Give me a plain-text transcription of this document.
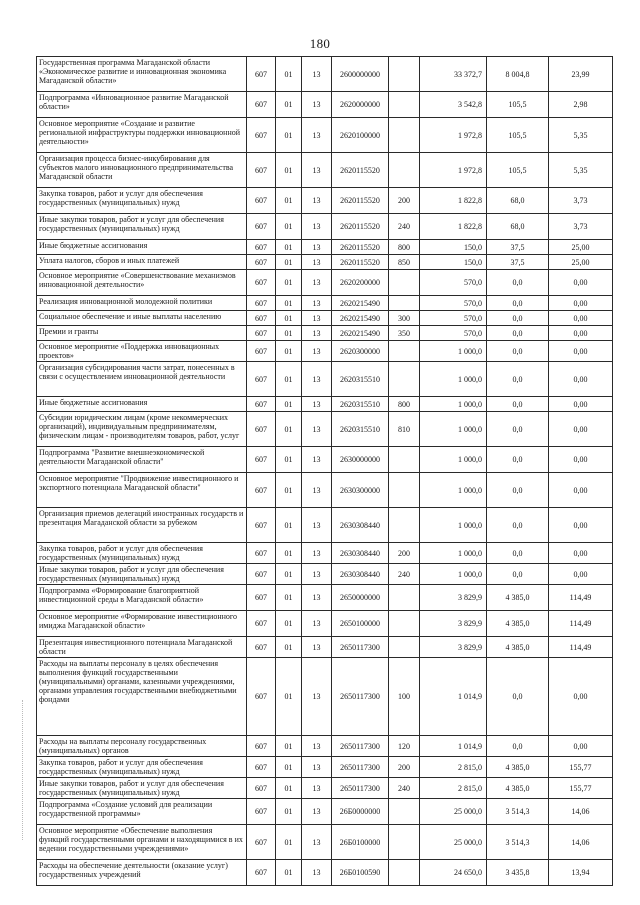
180
Государственная программа Магаданской области «Экономическое развитие и инновационная экономика Магаданской области»	607	01	13	2600000000		33 372,7	8 004,8	23,99
Подпрограмма «Инновационное развитие Магаданской области»	607	01	13	2620000000		3 542,8	105,5	2,98
Основное мероприятие «Создание и развитие региональной инфраструктуры поддержки инновационной деятельности»	607	01	13	2620100000		1 972,8	105,5	5,35
Организация процесса бизнес-инкубирования для субъектов малого инновационного предпринимательства Магаданской области	607	01	13	2620115520		1 972,8	105,5	5,35
Закупка товаров, работ и услуг для обеспечения государственных (муниципальных) нужд	607	01	13	2620115520	200	1 822,8	68,0	3,73
Иные закупки товаров, работ и услуг для обеспечения государственных (муниципальных) нужд	607	01	13	2620115520	240	1 822,8	68,0	3,73
Иные бюджетные ассигнования	607	01	13	2620115520	800	150,0	37,5	25,00
Уплата налогов, сборов и иных платежей	607	01	13	2620115520	850	150,0	37,5	25,00
Основное мероприятие «Совершенствование механизмов инновационной деятельности»	607	01	13	2620200000		570,0	0,0	0,00
Реализация инновационной молодежной политики	607	01	13	2620215490		570,0	0,0	0,00
Социальное обеспечение и иные выплаты населению	607	01	13	2620215490	300	570,0	0,0	0,00
Премии и гранты	607	01	13	2620215490	350	570,0	0,0	0,00
Основное мероприятие «Поддержка инновационных проектов»	607	01	13	2620300000		1 000,0	0,0	0,00
Организация субсидирования части затрат, понесенных в связи с осуществлением инновационной деятельности	607	01	13	2620315510		1 000,0	0,0	0,00
Иные бюджетные ассигнования	607	01	13	2620315510	800	1 000,0	0,0	0,00
Субсидии юридическим лицам (кроме некоммерческих организаций), индивидуальным предпринимателям, физическим лицам - производителям товаров, работ, услуг	607	01	13	2620315510	810	1 000,0	0,0	0,00
Подпрограмма "Развитие внешнеэкономической деятельности Магаданской области"	607	01	13	2630000000		1 000,0	0,0	0,00
Основное мероприятие "Продвижение инвестиционного и экспортного потенциала Магаданской области"	607	01	13	2630300000		1 000,0	0,0	0,00
Организация приемов делегаций иностранных государств и презентация Магаданской области за рубежом	607	01	13	2630308440		1 000,0	0,0	0,00
Закупка товаров, работ и услуг для обеспечения государственных (муниципальных) нужд	607	01	13	2630308440	200	1 000,0	0,0	0,00
Иные закупки товаров, работ и услуг для обеспечения государственных (муниципальных) нужд	607	01	13	2630308440	240	1 000,0	0,0	0,00
Подпрограмма «Формирование благоприятной инвестиционной среды в Магаданской области»	607	01	13	2650000000		3 829,9	4 385,0	114,49
Основное мероприятие «Формирование инвестиционного имиджа Магаданской области»	607	01	13	2650100000		3 829,9	4 385,0	114,49
Презентация инвестиционного потенциала Магаданской области	607	01	13	2650117300		3 829,9	4 385,0	114,49
Расходы на выплаты персоналу в целях обеспечения выполнения функций государственными (муниципальными) органами, казенными учреждениями, органами управления государственными внебюджетными фондами	607	01	13	2650117300	100	1 014,9	0,0	0,00
Расходы на выплаты персоналу государственных (муниципальных) органов	607	01	13	2650117300	120	1 014,9	0,0	0,00
Закупка товаров, работ и услуг для обеспечения государственных (муниципальных) нужд	607	01	13	2650117300	200	2 815,0	4 385,0	155,77
Иные закупки товаров, работ и услуг для обеспечения государственных (муниципальных) нужд	607	01	13	2650117300	240	2 815,0	4 385,0	155,77
Подпрограмма «Создание условий для реализации государственной программы»	607	01	13	26Б0000000		25 000,0	3 514,3	14,06
Основное мероприятие «Обеспечение выполнения функций государственными органами и находящимися в их ведении государственными учреждениями»	607	01	13	26Б0100000		25 000,0	3 514,3	14,06
Расходы на обеспечение деятельности (оказание услуг) государственных учреждений	607	01	13	26Б0100590		24 650,0	3 435,8	13,94
